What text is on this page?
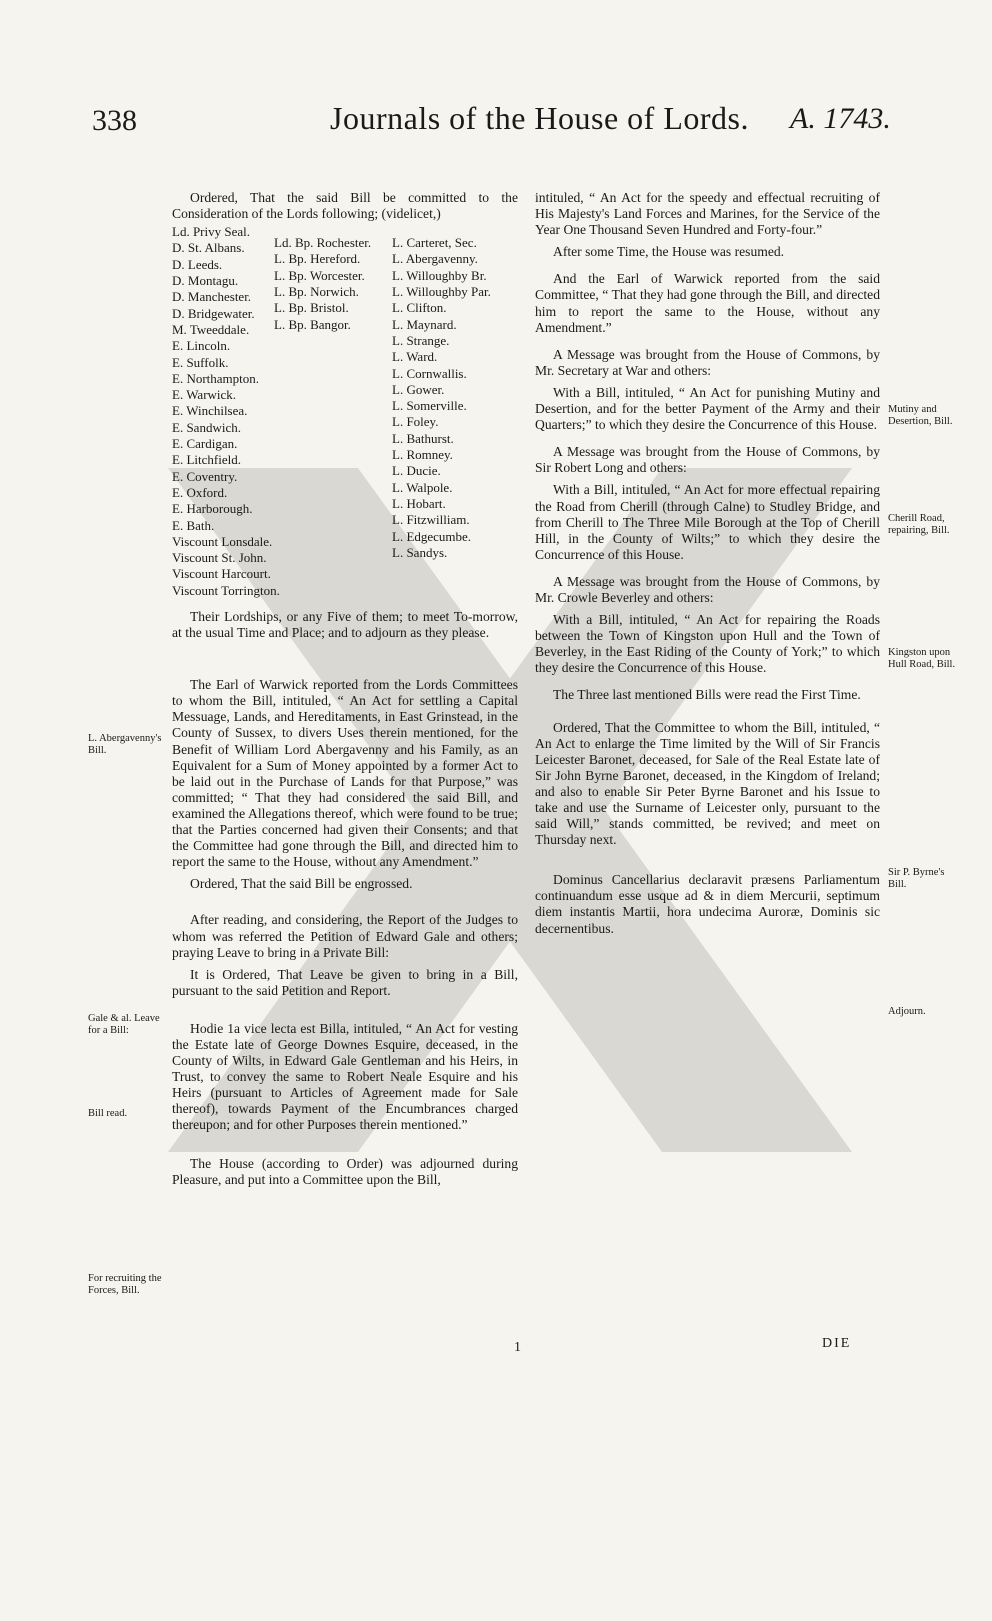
338	Journals of the House of Lords. A. 1743.

Ordered, That the said Bill be committed to the Consideration of the Lords following; (videlicet,)

Ld. Privy Seal.
D. St. Albans.
D. Leeds.
D. Montagu.
D. Manchester.
D. Bridgewater.
M. Tweeddale.
E. Lincoln.
E. Suffolk.
E. Northampton.
E. Warwick.
E. Winchilsea.
E. Sandwich.
E. Cardigan.
E. Litchfield.
E. Coventry.
E. Oxford.
E. Harborough.
E. Bath.
Viscount Lonsdale.
Viscount St. John.
Viscount Harcourt.
Viscount Torrington.
Ld. Bp. Rochester.
L. Bp. Hereford.
L. Bp. Worcester.
L. Bp. Norwich.
L. Bp. Bristol.
L. Bp. Bangor.
L. Carteret, Sec.
L. Abergavenny.
L. Willoughby Br.
L. Willoughby Par.
L. Clifton.
L. Maynard.
L. Strange.
L. Ward.
L. Cornwallis.
L. Gower.
L. Somerville.
L. Foley.
L. Bathurst.
L. Romney.
L. Ducie.
L. Walpole.
L. Hobart.
L. Fitzwilliam.
L. Edgecumbe.
L. Sandys.

Their Lordships, or any Five of them; to meet To-morrow, at the usual Time and Place; and to adjourn as they please.

The Earl of Warwick reported from the Lords Committees to whom the Bill, intituled, “ An Act for settling a Capital Messuage, Lands, and Hereditaments, in East Grinstead, in the County of Sussex, to divers Uses therein mentioned, for the Benefit of William Lord Abergavenny and his Family, as an Equivalent for a Sum of Money appointed by a former Act to be laid out in the Purchase of Lands for that Purpose,” was committed; “ That they had considered the said Bill, and examined the Allegations thereof, which were found to be true; that the Parties concerned had given their Consents; and that the Committee had gone through the Bill, and directed him to report the same to the House, without any Amendment.”

Ordered, That the said Bill be engrossed.

After reading, and considering, the Report of the Judges to whom was referred the Petition of Edward Gale and others; praying Leave to bring in a Private Bill:

It is Ordered, That Leave be given to bring in a Bill, pursuant to the said Petition and Report.

Hodie 1a vice lecta est Billa, intituled, “ An Act for vesting the Estate late of George Downes Esquire, deceased, in the County of Wilts, in Edward Gale Gentleman and his Heirs, in Trust, to convey the same to Robert Neale Esquire and his Heirs (pursuant to Articles of Agreement made for Sale thereof), towards Payment of the Encumbrances charged thereupon; and for other Purposes therein mentioned.”

The House (according to Order) was adjourned during Pleasure, and put into a Committee upon the Bill,

intituled, “ An Act for the speedy and effectual recruiting of His Majesty's Land Forces and Marines, for the Service of the Year One Thousand Seven Hundred and Forty-four.”

After some Time, the House was resumed.

And the Earl of Warwick reported from the said Committee, “ That they had gone through the Bill, and directed him to report the same to the House, without any Amendment.”

A Message was brought from the House of Commons, by Mr. Secretary at War and others:

With a Bill, intituled, “ An Act for punishing Mutiny and Desertion, and for the better Payment of the Army and their Quarters;” to which they desire the Concurrence of this House.

A Message was brought from the House of Commons, by Sir Robert Long and others:

With a Bill, intituled, “ An Act for more effectual repairing the Road from Cherill (through Calne) to Studley Bridge, and from Cherill to The Three Mile Borough at the Top of Cherill Hill, in the County of Wilts;” to which they desire the Concurrence of this House.

A Message was brought from the House of Commons, by Mr. Crowle Beverley and others:

With a Bill, intituled, “ An Act for repairing the Roads between the Town of Kingston upon Hull and the Town of Beverley, in the East Riding of the County of York;” to which they desire the Concurrence of this House.

The Three last mentioned Bills were read the First Time.

Ordered, That the Committee to whom the Bill, intituled, “ An Act to enlarge the Time limited by the Will of Sir Francis Leicester Baronet, deceased, for Sale of the Real Estate late of Sir John Byrne Baronet, deceased, in the Kingdom of Ireland; and also to enable Sir Peter Byrne Baronet and his Issue to take and use the Surname of Leicester only, pursuant to the said Will,” stands committed, be revived; and meet on Thursday next.

Dominus Cancellarius declaravit præsens Parliamentum continuandum esse usque ad & in diem Mercurii, septimum diem instantis Martii, hora undecima Auroræ, Dominis sic decernentibus.

L. Abergavenny's Bill.
Gale & al. Leave for a Bill:
Bill read.
For recruiting the Forces, Bill.
Mutiny and Desertion, Bill.
Cherill Road, repairing, Bill.
Kingston upon Hull Road, Bill.
Sir P. Byrne's Bill.
Adjourn.
1	DIE
